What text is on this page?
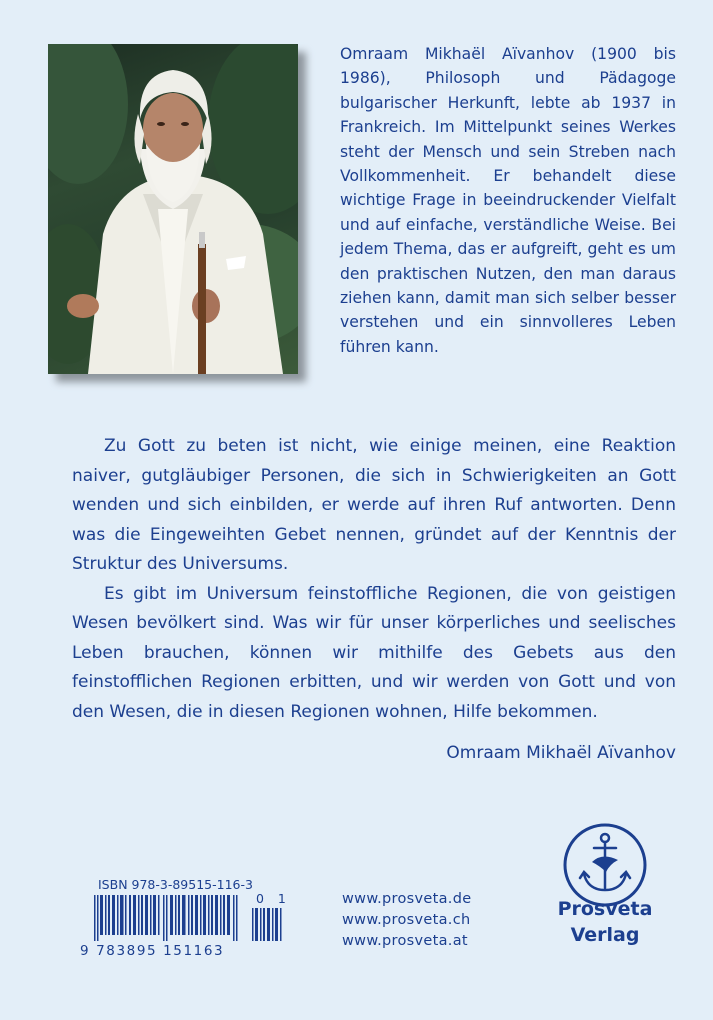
Omraam Mikhaël Aïvanhov (1900 bis 1986), Philosoph und Pädagoge bulgarischer Herkunft, lebte ab 1937 in Frankreich. Im Mittelpunkt seines Werkes steht der Mensch und sein Streben nach Vollkommenheit. Er behandelt diese wichtige Frage in beeindruckender Vielfalt und auf einfache, verständliche Weise. Bei jedem Thema, das er aufgreift, geht es um den praktischen Nutzen, den man daraus ziehen kann, damit man sich selber besser verstehen und ein sinnvolleres Leben führen kann.

Zu Gott zu beten ist nicht, wie einige meinen, eine Reaktion naiver, gutgläubiger Personen, die sich in Schwierigkeiten an Gott wenden und sich einbilden, er werde auf ihren Ruf antworten. Denn was die Eingeweihten Gebet nennen, gründet auf der Kenntnis der Struktur des Universums.

Es gibt im Universum feinstoffliche Regionen, die von geistigen Wesen bevölkert sind. Was wir für unser körperliches und seelisches Leben brauchen, können wir mithilfe des Gebets aus den feinstofflichen Regionen erbitten, und wir werden von Gott und von den Wesen, die in diesen Regionen wohnen, Hilfe bekommen.

Omraam Mikhaël Aïvanhov

ISBN 978-3-89515-116-3
0 1
9 783895 151163
www.prosveta.de
www.prosveta.ch
www.prosveta.at
Prosveta
Verlag
